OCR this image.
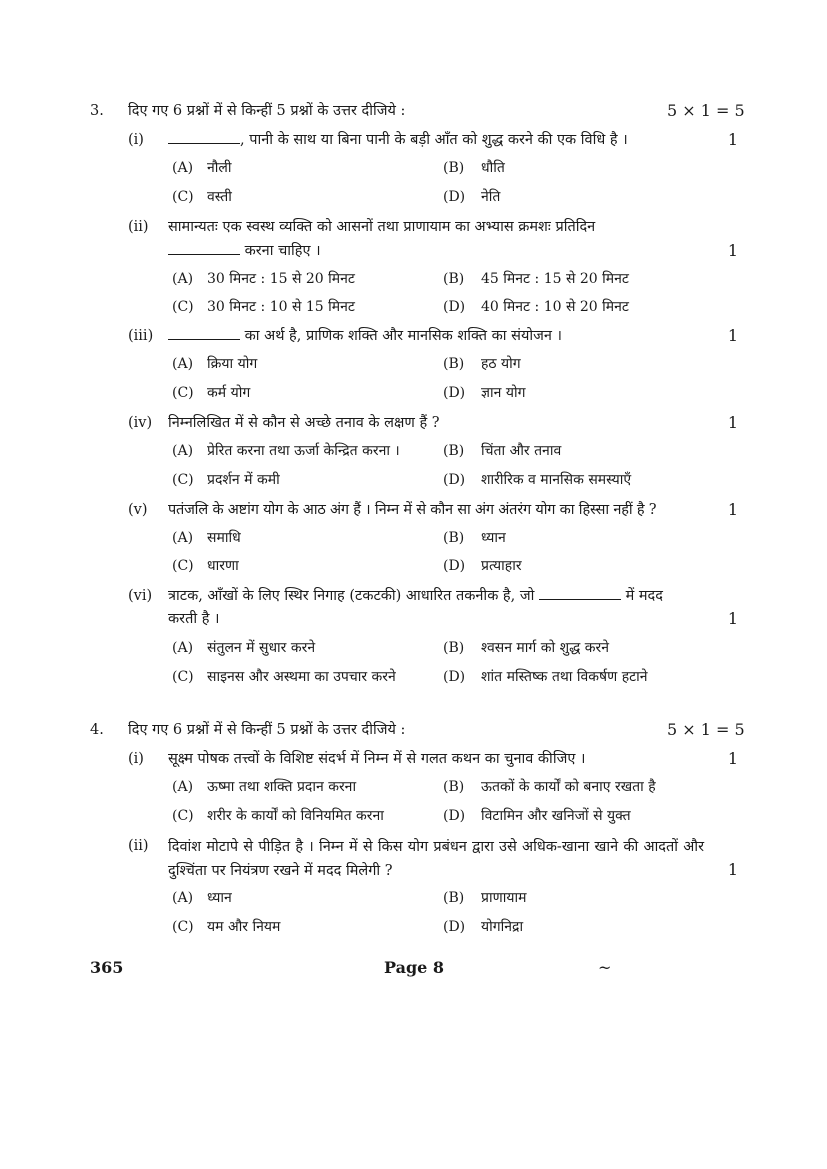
3. दिए गए 6 प्रश्नों में से किन्हीं 5 प्रश्नों के उत्तर दीजिये :	5 × 1 = 5
(i)	, पानी के साथ या बिना पानी के बड़ी आँत को शुद्ध करने की एक विधि है ।	1
(A) नौली	(B) धौति
(C) वस्ती	(D) नेति
(ii) सामान्यतः एक स्वस्थ व्यक्ति को आसनों तथा प्राणायाम का अभ्यास क्रमशः प्रतिदिन
करना चाहिए ।	1
(A) 30 मिनट : 15 से 20 मिनट	(B) 45 मिनट : 15 से 20 मिनट
(C) 30 मिनट : 10 से 15 मिनट	(D) 40 मिनट : 10 से 20 मिनट
(iii)	का अर्थ है, प्राणिक शक्ति और मानसिक शक्ति का संयोजन ।	1
(A) क्रिया योग	(B) हठ योग
(C) कर्म योग	(D) ज्ञान योग
(iv) निम्नलिखित में से कौन से अच्छे तनाव के लक्षण हैं ?	1
(A) प्रेरित करना तथा ऊर्जा केन्द्रित करना ।	(B) चिंता और तनाव
(C) प्रदर्शन में कमी	(D) शारीरिक व मानसिक समस्याएँ
(v) पतंजलि के अष्टांग योग के आठ अंग हैं । निम्न में से कौन सा अंग अंतरंग योग का हिस्सा नहीं है ?	1
(A) समाधि	(B) ध्यान
(C) धारणा	(D) प्रत्याहार
(vi) त्राटक, आँखों के लिए स्थिर निगाह (टकटकी) आधारित तकनीक है, जो	में मदद
करती है ।	1
(A) संतुलन में सुधार करने	(B) श्वसन मार्ग को शुद्ध करने
(C) साइनस और अस्थमा का उपचार करने	(D) शांत मस्तिष्क तथा विकर्षण हटाने
4. दिए गए 6 प्रश्नों में से किन्हीं 5 प्रश्नों के उत्तर दीजिये :	5 × 1 = 5
(i) सूक्ष्म पोषक तत्त्वों के विशिष्ट संदर्भ में निम्न में से गलत कथन का चुनाव कीजिए ।	1
(A) ऊष्मा तथा शक्ति प्रदान करना	(B) ऊतकों के कार्यों को बनाए रखता है
(C) शरीर के कार्यों को विनियमित करना	(D) विटामिन और खनिजों से युक्त
(ii) दिवांश मोटापे से पीड़ित है । निम्न में से किस योग प्रबंधन द्वारा उसे अधिक-खाना खाने की आदतों और दुश्चिंता पर नियंत्रण रखने में मदद मिलेगी ?	1
(A) ध्यान	(B) प्राणायाम
(C) यम और नियम	(D) योगनिद्रा
365	Page 8	~
